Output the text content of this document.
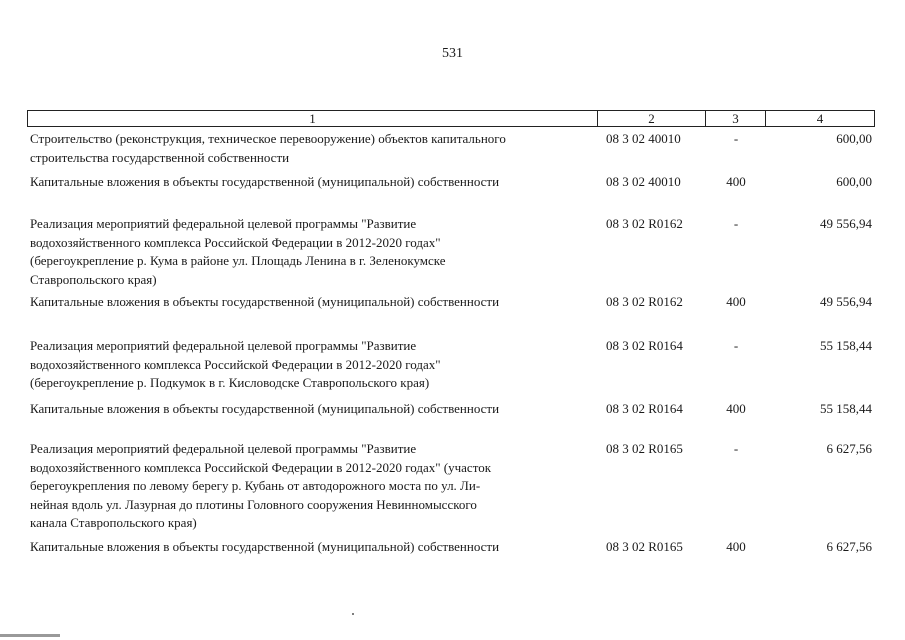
531
1	2	3	4
Строительство (реконструкция, техническое перевооружение) объектов капитального
строительства государственной собственности
08 3 02 40010	-	600,00
Капитальные вложения в объекты государственной (муниципальной) собственности	08 3 02 40010	400	600,00
Реализация мероприятий федеральной целевой программы "Развитие
водохозяйственного комплекса Российской Федерации в 2012-2020 годах"
(берегоукрепление р. Кума в районе ул. Площадь Ленина в г. Зеленокумске
Ставропольского края)
08 3 02 R0162	-	49 556,94
Капитальные вложения в объекты государственной (муниципальной) собственности	08 3 02 R0162	400	49 556,94
Реализация мероприятий федеральной целевой программы "Развитие
водохозяйственного комплекса Российской Федерации в 2012-2020 годах"
(берегоукрепление р. Подкумок в г. Кисловодске Ставропольского края)
08 3 02 R0164	-	55 158,44
Капитальные вложения в объекты государственной (муниципальной) собственности	08 3 02 R0164	400	55 158,44
Реализация мероприятий федеральной целевой программы "Развитие
водохозяйственного комплекса Российской Федерации в 2012-2020 годах" (участок
берегоукрепления по левому берегу р. Кубань от автодорожного моста по ул. Ли-
нейная вдоль ул. Лазурная до плотины Головного сооружения Невинномысского
канала Ставропольского края)
08 3 02 R0165	-	6 627,56
Капитальные вложения в объекты государственной (муниципальной) собственности	08 3 02 R0165	400	6 627,56
